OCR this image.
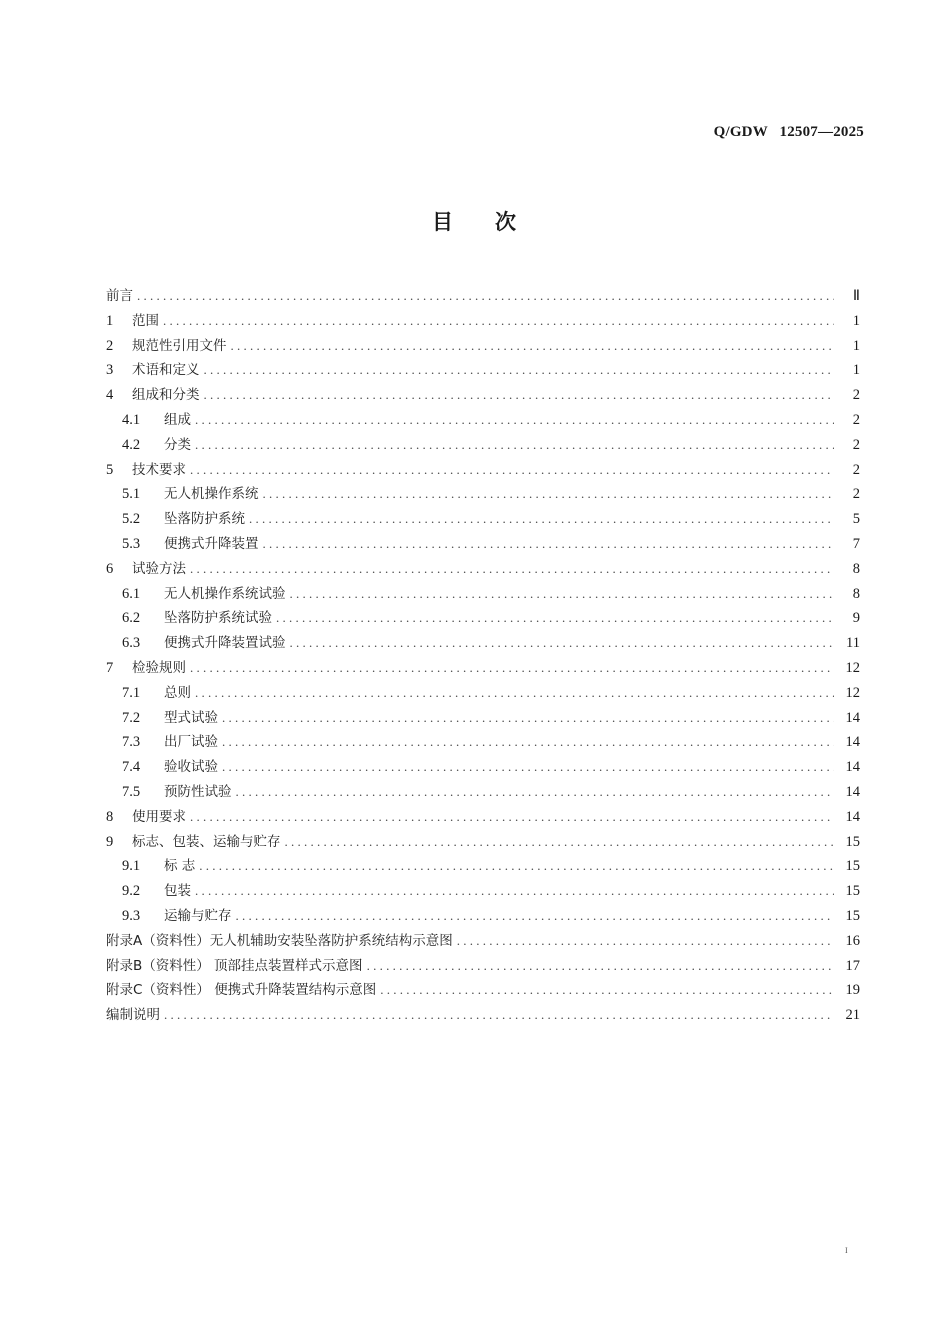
Q/GDW   12507—2025
目 次
前言 . . .	Ⅱ
1	范围 . . .	1
2	规范性引用文件 . . .	1
3	术语和定义 . . .	1
4	组成和分类 . . .	2
4.1	组成 . . .	2
4.2	分类 . . .	2
5	技术要求 . . .	2
5.1	无人机操作系统 . . .	2
5.2	坠落防护系统 . . .	5
5.3	便携式升降装置 . . .	7
6	试验方法 . . .	8
6.1	无人机操作系统试验 . . .	8
6.2	坠落防护系统试验 . . .	9
6.3	便携式升降装置试验 . . .	11
7	检验规则 . . .	12
7.1	总则 . . .	12
7.2	型式试验 . . .	14
7.3	出厂试验 . . .	14
7.4	验收试验 . . .	14
7.5	预防性试验 . . .	14
8	使用要求 . . .	14
9	标志、包装、运输与贮存 . . .	15
9.1	标 志 . . .	15
9.2	包装 . . .	15
9.3	运输与贮存 . . .	15
附录A（资料性）无人机辅助安装坠落防护系统结构示意图 . . .	16
附录B（资料性） 顶部挂点装置样式示意图 . . .	17
附录C（资料性） 便携式升降装置结构示意图 . . .	19
编制说明 . . .	21
I
